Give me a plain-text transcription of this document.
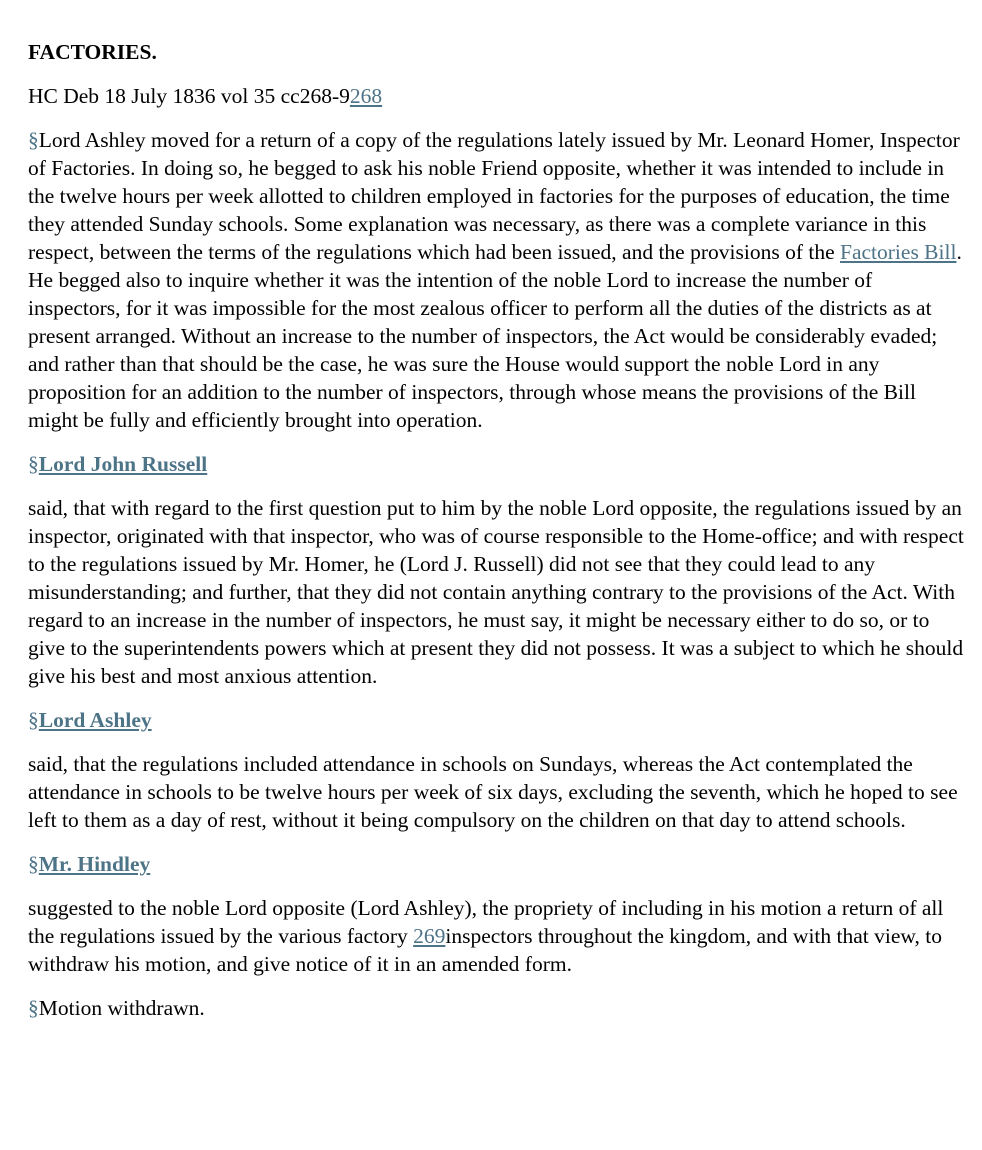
FACTORIES.

HC Deb 18 July 1836 vol 35 cc268-9268

§Lord Ashley moved for a return of a copy of the regulations lately issued by Mr. Leonard Homer, Inspector of Factories. In doing so, he begged to ask his noble Friend opposite, whether it was intended to include in the twelve hours per week allotted to children employed in factories for the purposes of education, the time they attended Sunday schools. Some explanation was necessary, as there was a complete variance in this respect, between the terms of the regulations which had been issued, and the provisions of the Factories Bill. He begged also to inquire whether it was the intention of the noble Lord to increase the number of inspectors, for it was impossible for the most zealous officer to perform all the duties of the districts as at present arranged. Without an increase to the number of inspectors, the Act would be considerably evaded; and rather than that should be the case, he was sure the House would support the noble Lord in any proposition for an addition to the number of inspectors, through whose means the provisions of the Bill might be fully and efficiently brought into operation.

§Lord John Russell

said, that with regard to the first question put to him by the noble Lord opposite, the regulations issued by an inspector, originated with that inspector, who was of course responsible to the Home-office; and with respect to the regulations issued by Mr. Homer, he (Lord J. Russell) did not see that they could lead to any misunderstanding; and further, that they did not contain anything contrary to the provisions of the Act. With regard to an increase in the number of inspectors, he must say, it might be necessary either to do so, or to give to the superintendents powers which at present they did not possess. It was a subject to which he should give his best and most anxious attention.

§Lord Ashley

said, that the regulations included attendance in schools on Sundays, whereas the Act contemplated the attendance in schools to be twelve hours per week of six days, excluding the seventh, which he hoped to see left to them as a day of rest, without it being compulsory on the children on that day to attend schools.

§Mr. Hindley

suggested to the noble Lord opposite (Lord Ashley), the propriety of including in his motion a return of all the regulations issued by the various factory 269inspectors throughout the kingdom, and with that view, to withdraw his motion, and give notice of it in an amended form.

§Motion withdrawn.
